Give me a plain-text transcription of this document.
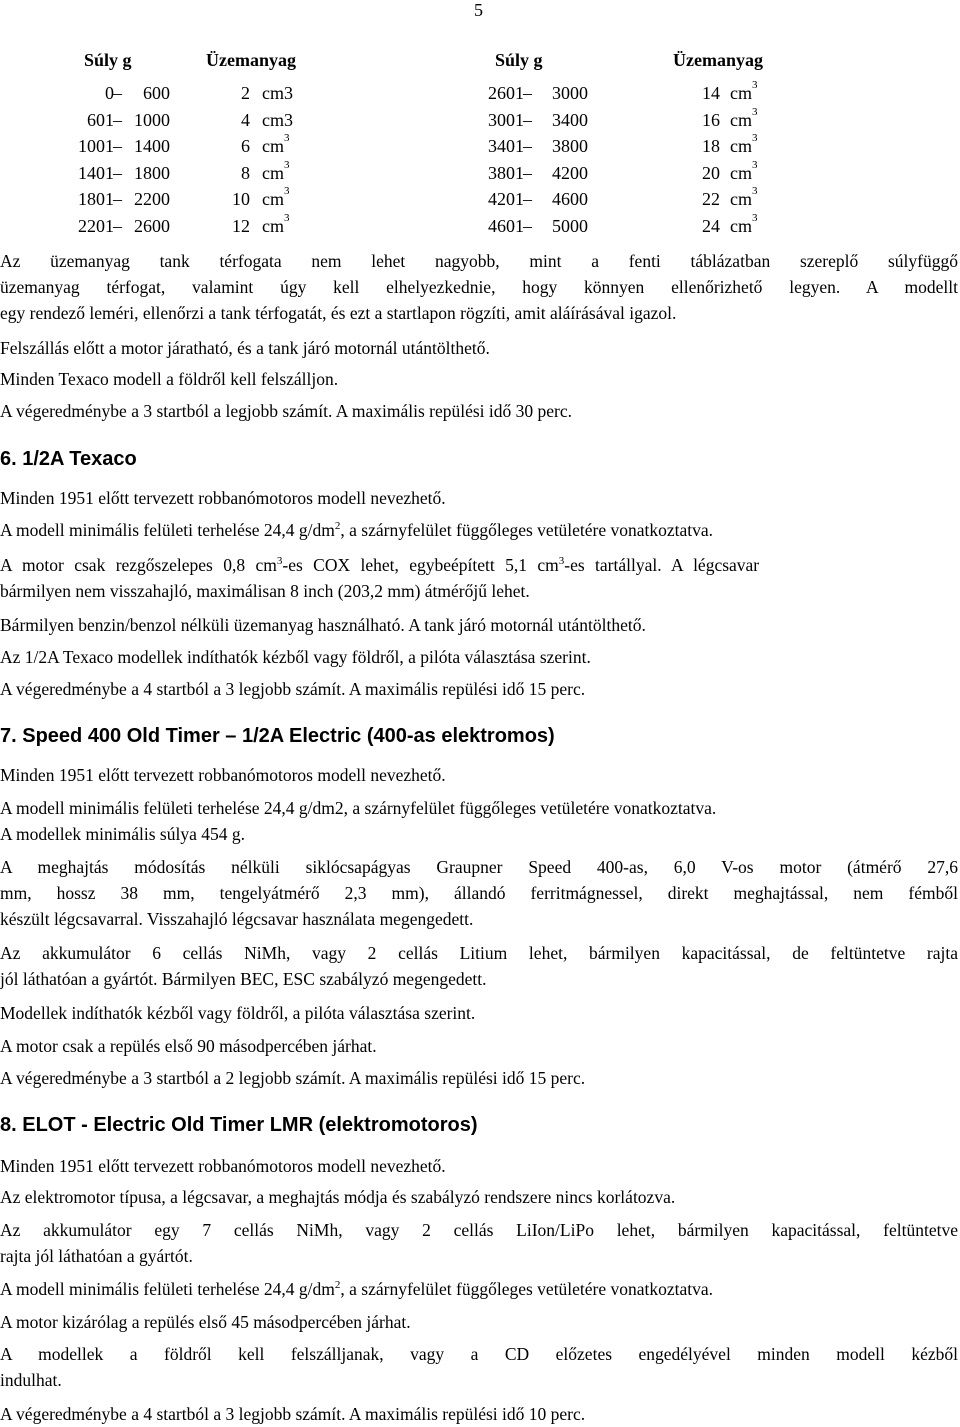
5
Súly g	Üzemanyag	Súly g	Üzemanyag
0 –	600	2 cm3	2601 –	3000	14 $cm^3$
601 – 1000	4 cm3	3001 –	3400	16 $cm^3$
1001 – 1400	6 $cm^3$	3401 –	3800	18 $cm^3$
1401 – 1800	8 $cm^3$	3801 –	4200	20 $cm^3$
1801 – 2200	10 $cm^3$	4201 –	4600	22 $cm^3$
2201 – 2600	12 $cm^3$	4601 –	5000	24 $cm^3$
Az üzemanyag tank térfogata nem lehet nagyobb, mint a fenti táblázatban szereplő súlyfüggő
üzemanyag térfogat, valamint úgy kell elhelyezkednie, hogy könnyen ellenőrizhető legyen. A modellt
egy rendező leméri, ellenőrzi a tank térfogatát, és ezt a startlapon rögzíti, amit aláírásával igazol.
Felszállás előtt a motor járatható, és a tank járó motornál utántölthető.
Minden Texaco modell a földről kell felszálljon.
A végeredménybe a 3 startból a legjobb számít. A maximális repülési idő 30 perc.
6. 1/2A Texaco
Minden 1951 előtt tervezett robbanómotoros modell nevezhető.
A modell minimális felületi terhelése 24,4 $g/dm^2$, a szárnyfelület függőleges vetületére vonatkoztatva.
A motor csak rezgőszelepes 0,8 $cm^3-es$ COX lehet, egybeépített 5,1 $cm^3-es$ tartállyal. A légcsavar
bármilyen nem visszahajló, maximálisan 8 inch (203,2 mm) átmérőjű lehet.
Bármilyen benzin/benzol nélküli üzemanyag használható. A tank járó motornál utántölthető.
Az 1/2A Texaco modellek indíthatók kézből vagy földről, a pilóta választása szerint.
A végeredménybe a 4 startból a 3 legjobb számít. A maximális repülési idő 15 perc.
7. Speed 400 Old Timer – 1/2A Electric (400-as elektromos)
Minden 1951 előtt tervezett robbanómotoros modell nevezhető.
A modell minimális felületi terhelése 24,4 g/dm2, a szárnyfelület függőleges vetületére vonatkoztatva.
A modellek minimális súlya 454 g.
A meghajtás módosítás nélküli siklócsapágyas Graupner Speed 400-as, 6,0 V-os motor (átmérő 27,6
mm, hossz 38 mm, tengelyátmérő 2,3 mm), állandó ferritmágnessel, direkt meghajtással, nem fémből
készült légcsavarral. Visszahajló légcsavar használata megengedett.
Az akkumulátor 6 cellás NiMh, vagy 2 cellás Litium lehet, bármilyen kapacitással, de feltüntetve rajta
jól láthatóan a gyártót. Bármilyen BEC, ESC szabályzó megengedett.
Modellek indíthatók kézből vagy földről, a pilóta választása szerint.
A motor csak a repülés első 90 másodpercében járhat.
A végeredménybe a 3 startból a 2 legjobb számít. A maximális repülési idő 15 perc.
8. ELOT - Electric Old Timer LMR (elektromotoros)
Minden 1951 előtt tervezett robbanómotoros modell nevezhető.
Az elektromotor típusa, a légcsavar, a meghajtás módja és szabályzó rendszere nincs korlátozva.
Az akkumulátor egy 7 cellás NiMh, vagy 2 cellás LiIon/LiPo lehet, bármilyen kapacitással, feltüntetve
rajta jól láthatóan a gyártót.
A modell minimális felületi terhelése 24,4 $g/dm^2$, a szárnyfelület függőleges vetületére vonatkoztatva.
A motor kizárólag a repülés első 45 másodpercében járhat.
A modellek a földről kell felszálljanak, vagy a CD előzetes engedélyével minden modell kézből
indulhat.
A végeredménybe a 4 startból a 3 legjobb számít. A maximális repülési idő 10 perc.
